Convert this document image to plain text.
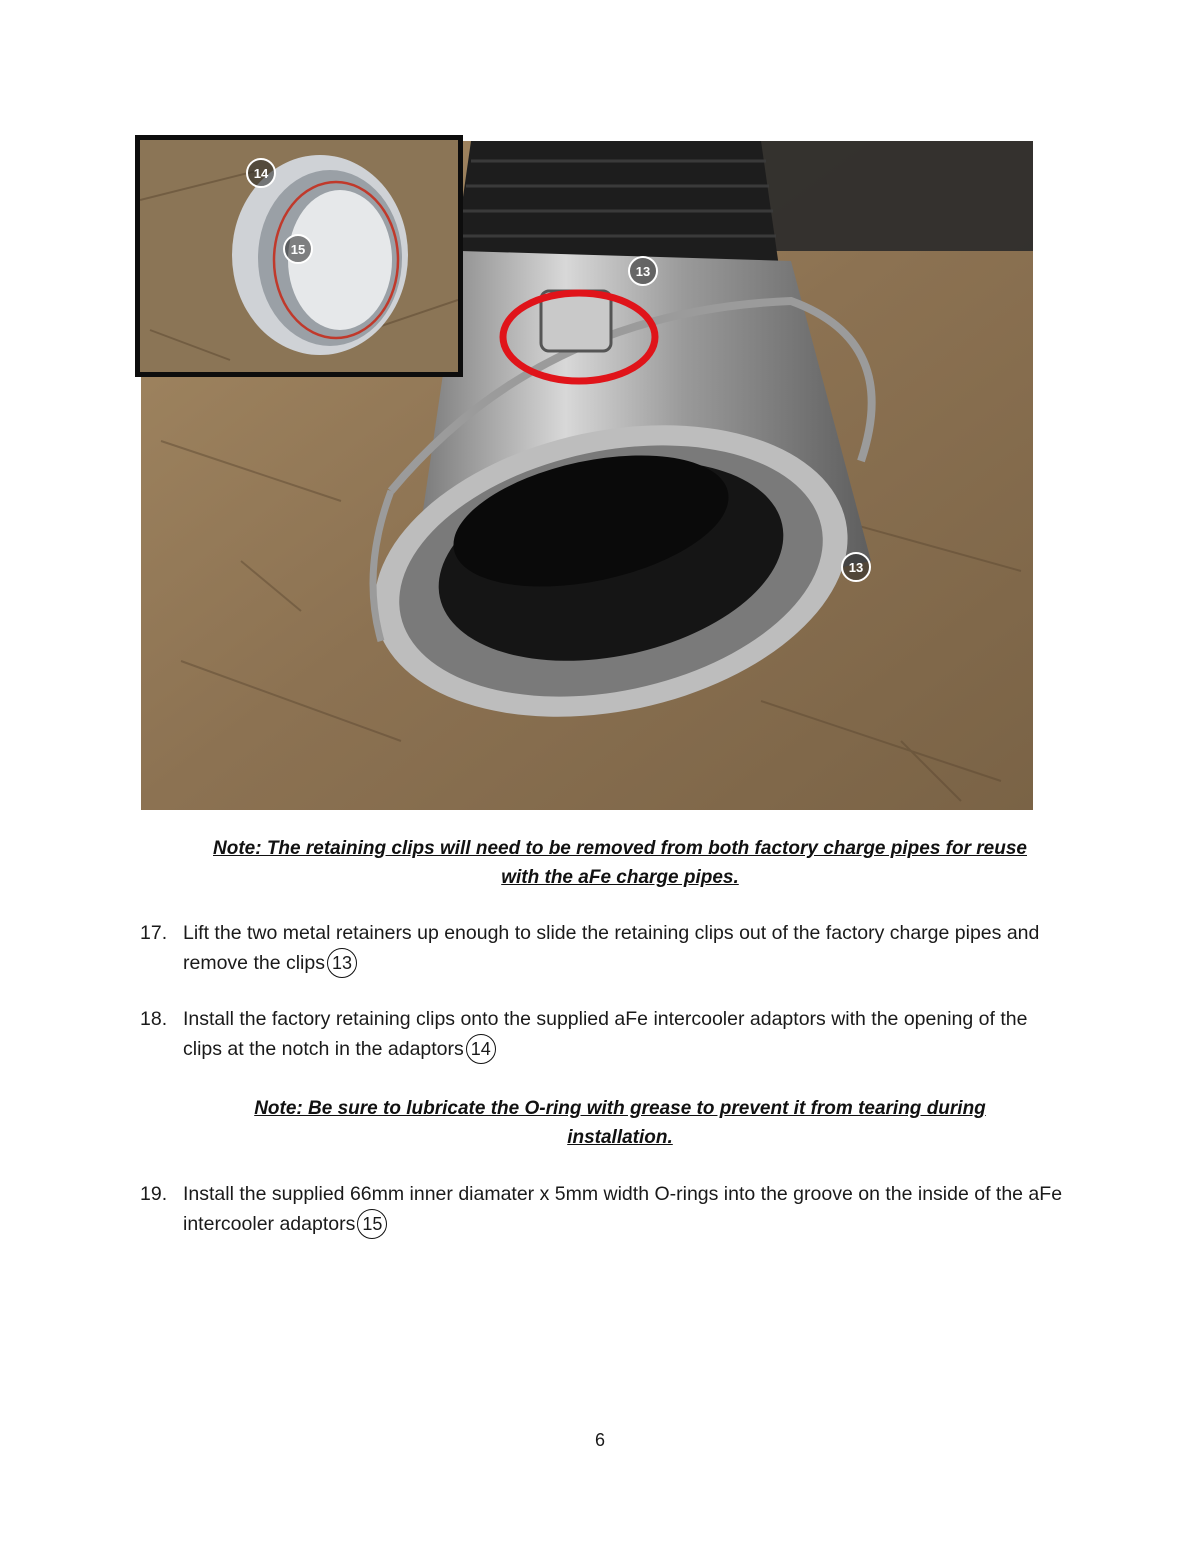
13
13
14
15
Note: The retaining clips will need to be removed from both factory charge pipes for reuse with the aFe charge pipes.
17. Lift the two metal retainers up enough to slide the retaining clips out of the factory charge pipes and remove the clips 13
18. Install the factory retaining clips onto the supplied aFe intercooler adaptors with the opening of the clips at the notch in the adaptors 14
Note: Be sure to lubricate the O-ring with grease to prevent it from tearing during installation.
19. Install the supplied 66mm inner diamater x 5mm width O-rings into the groove on the inside of the aFe intercooler adaptors 15
6
